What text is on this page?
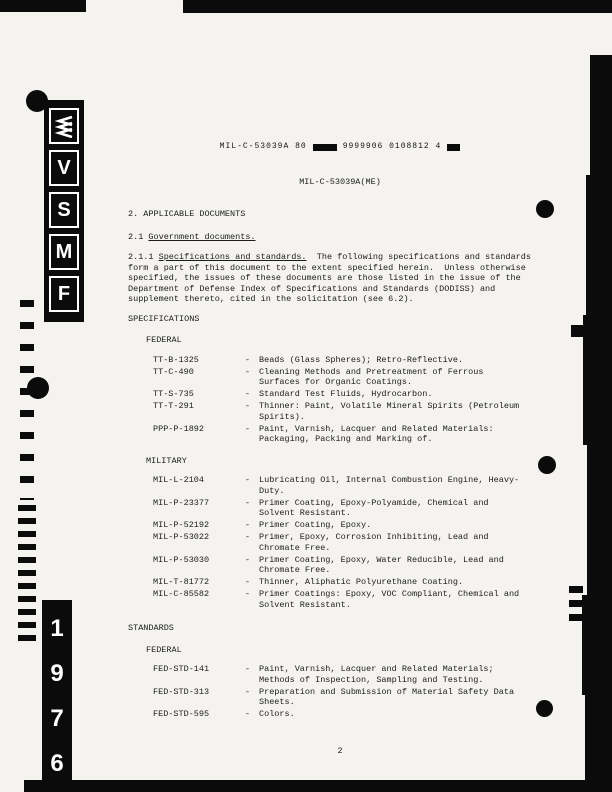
V
S
M
F
1
9
7
6
MIL-C-53039A 80	9999906 0108812 4
MIL-C-53039A(ME)
2. APPLICABLE DOCUMENTS
2.1 Government documents.

2.1.1 Specifications and standards.  The following specifications and standards form a part of this document to the extent specified herein.  Unless otherwise specified, the issues of these documents are those listed in the issue of the Department of Defense Index of Specifications and Standards (DODISS) and supplement thereto, cited in the solicitation (see 6.2).

SPECIFICATIONS
FEDERAL
TT-B-1325	-	Beads (Glass Spheres); Retro-Reflective.
TT-C-490	-	Cleaning Methods and Pretreatment of Ferrous Surfaces for Organic Coatings.
TT-S-735	-	Standard Test Fluids, Hydrocarbon.
TT-T-291	-	Thinner: Paint, Volatile Mineral Spirits (Petroleum Spirits).
PPP-P-1892	-	Paint, Varnish, Lacquer and Related Materials: Packaging, Packing and Marking of.
MILITARY
MIL-L-2104	-	Lubricating Oil, Internal Combustion Engine, Heavy-Duty.
MIL-P-23377	-	Primer Coating, Epoxy-Polyamide, Chemical and Solvent Resistant.
MIL-P-52192	-	Primer Coating, Epoxy.
MIL-P-53022	-	Primer, Epoxy, Corrosion Inhibiting, Lead and Chromate Free.
MIL-P-53030	-	Primer Coating, Epoxy, Water Reducible, Lead and Chromate Free.
MIL-T-81772	-	Thinner, Aliphatic Polyurethane Coating.
MIL-C-85582	-	Primer Coatings: Epoxy, VOC Compliant, Chemical and Solvent Resistant.
STANDARDS
FEDERAL
FED-STD-141	-	Paint, Varnish, Lacquer and Related Materials; Methods of Inspection, Sampling and Testing.
FED-STD-313	-	Preparation and Submission of Material Safety Data Sheets.
FED-STD-595	-	Colors.
2
